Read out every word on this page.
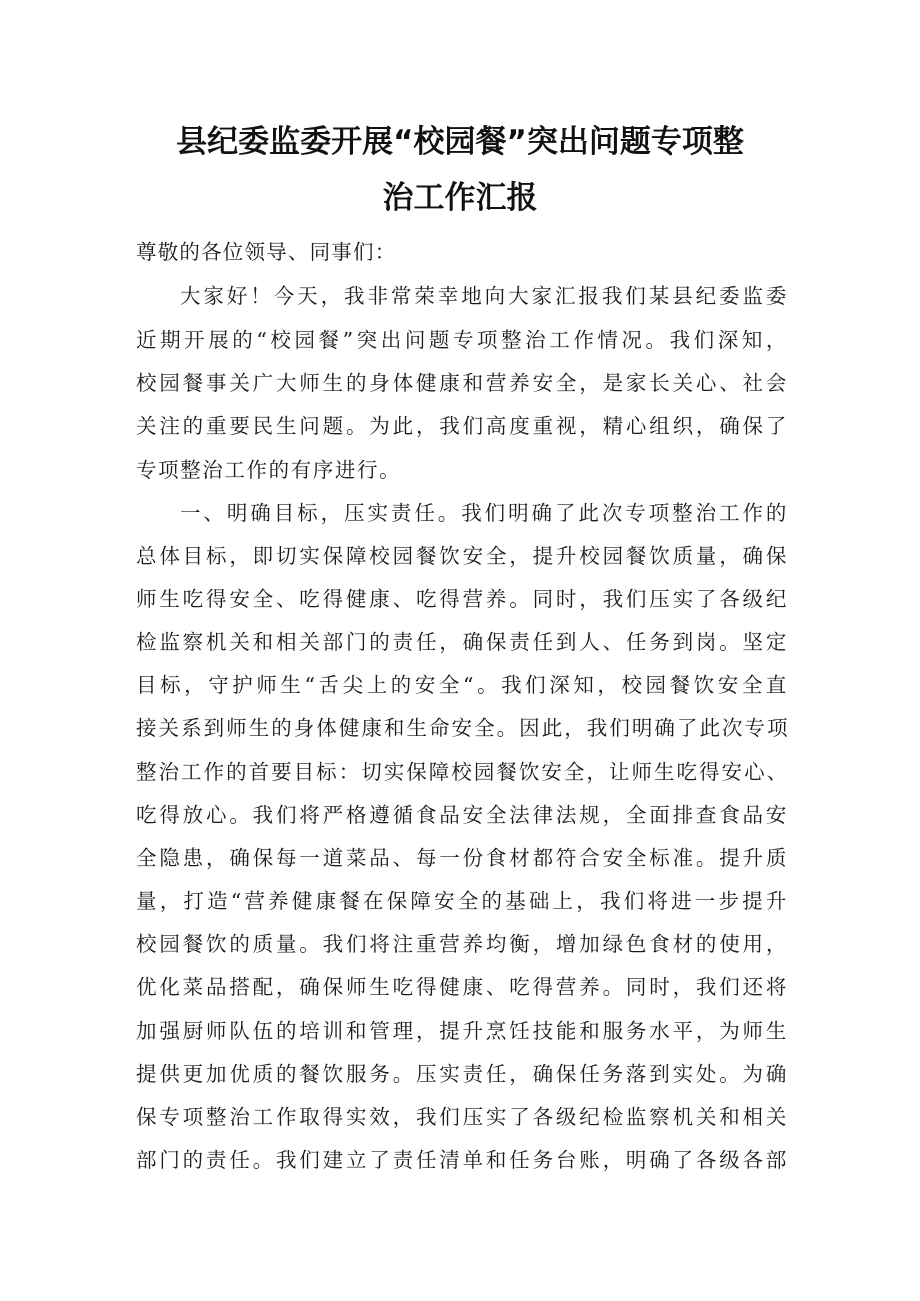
县纪委监委开展“校园餐”突出问题专项整
治工作汇报
尊敬的各位领导、同事们：
大家好！今天，我非常荣幸地向大家汇报我们某县纪委监委
近期开展的“校园餐”突出问题专项整治工作情况。我们深知，
校园餐事关广大师生的身体健康和营养安全，是家长关心、社会
关注的重要民生问题。为此，我们高度重视，精心组织，确保了
专项整治工作的有序进行。
一、明确目标，压实责任。我们明确了此次专项整治工作的
总体目标，即切实保障校园餐饮安全，提升校园餐饮质量，确保
师生吃得安全、吃得健康、吃得营养。同时，我们压实了各级纪
检监察机关和相关部门的责任，确保责任到人、任务到岗。坚定
目标，守护师生“舌尖上的安全“。我们深知，校园餐饮安全直
接关系到师生的身体健康和生命安全。因此，我们明确了此次专项
整治工作的首要目标：切实保障校园餐饮安全，让师生吃得安心、
吃得放心。我们将严格遵循食品安全法律法规，全面排查食品安
全隐患，确保每一道菜品、每一份食材都符合安全标准。提升质
量，打造“营养健康餐在保障安全的基础上，我们将进一步提升
校园餐饮的质量。我们将注重营养均衡，增加绿色食材的使用，
优化菜品搭配，确保师生吃得健康、吃得营养。同时，我们还将
加强厨师队伍的培训和管理，提升烹饪技能和服务水平，为师生
提供更加优质的餐饮服务。压实责任，确保任务落到实处。为确
保专项整治工作取得实效，我们压实了各级纪检监察机关和相关
部门的责任。我们建立了责任清单和任务台账，明确了各级各部
